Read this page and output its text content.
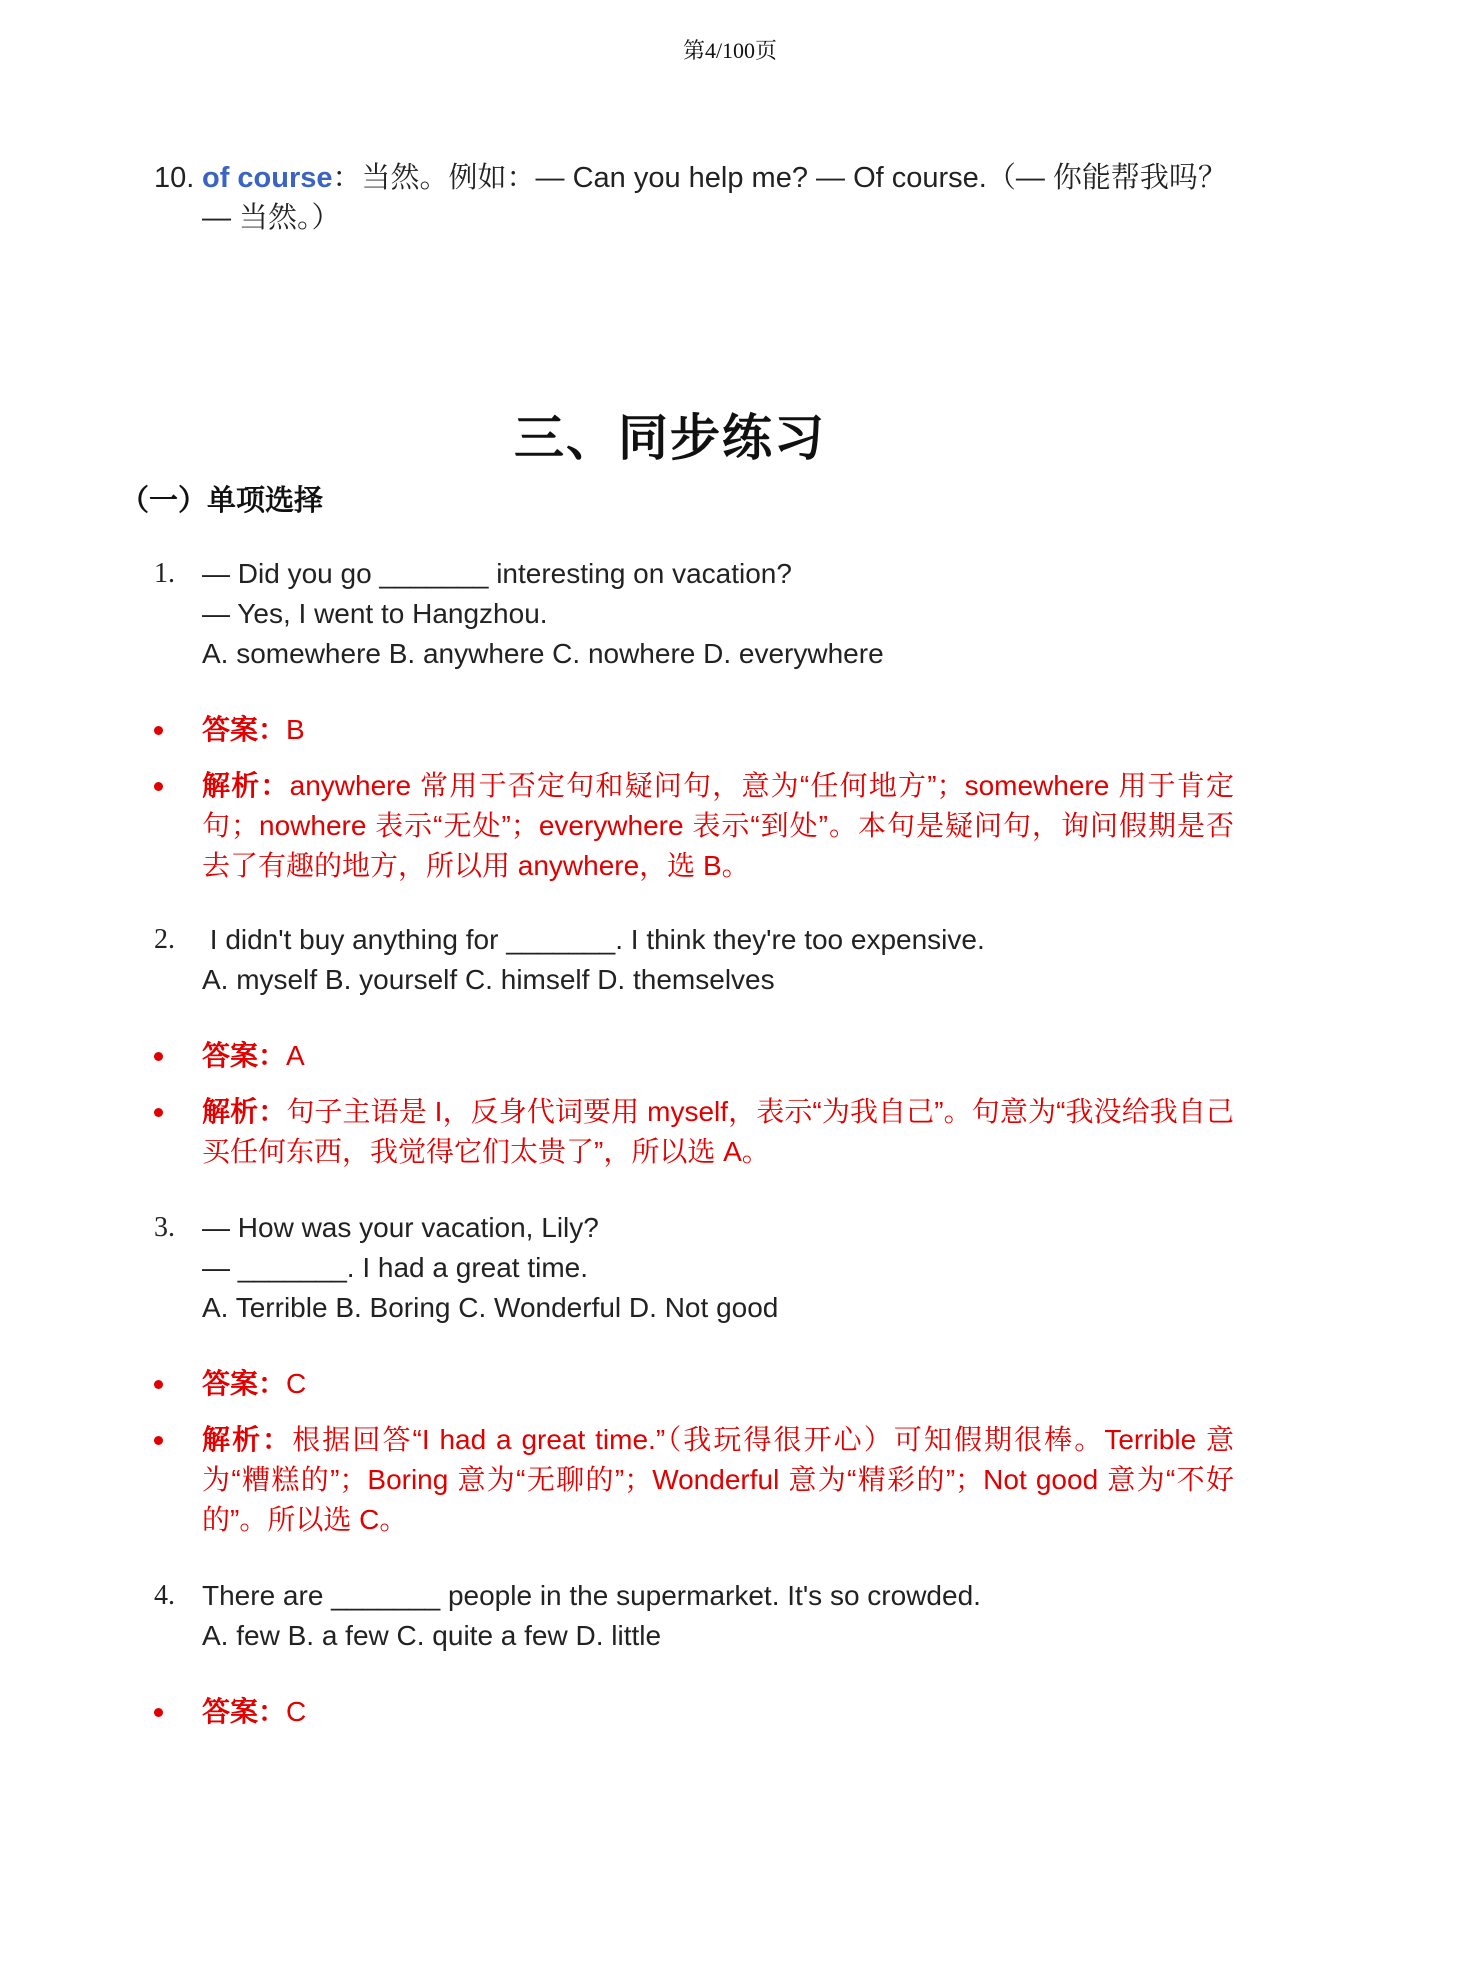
第4/100页
10. of course：当然。例如：— Can you help me? — Of course.（— 你能帮我吗？ — 当然。）
三、同步练习
（一）单项选择
1. — Did you go _______ interesting on vacation?
— Yes, I went to Hangzhou.
A. somewhere B. anywhere C. nowhere D. everywhere
答案：B
解析：anywhere 常用于否定句和疑问句，意为“任何地方”；somewhere 用于肯定句；nowhere 表示“无处”；everywhere 表示“到处”。本句是疑问句，询问假期是否去了有趣的地方，所以用 anywhere，选 B。
2. I didn't buy anything for _______. I think they're too expensive.
A. myself B. yourself C. himself D. themselves
答案：A
解析：句子主语是 I，反身代词要用 myself，表示“为我自己”。句意为“我没给我自己买任何东西，我觉得它们太贵了”，所以选 A。
3. — How was your vacation, Lily?
— _______. I had a great time.
A. Terrible B. Boring C. Wonderful D. Not good
答案：C
解析：根据回答“I had a great time.”（我玩得很开心）可知假期很棒。Terrible 意为“糟糕的”；Boring 意为“无聊的”；Wonderful 意为“精彩的”；Not good 意为“不好的”。所以选 C。
4. There are _______ people in the supermarket. It's so crowded.
A. few B. a few C. quite a few D. little
答案：C
